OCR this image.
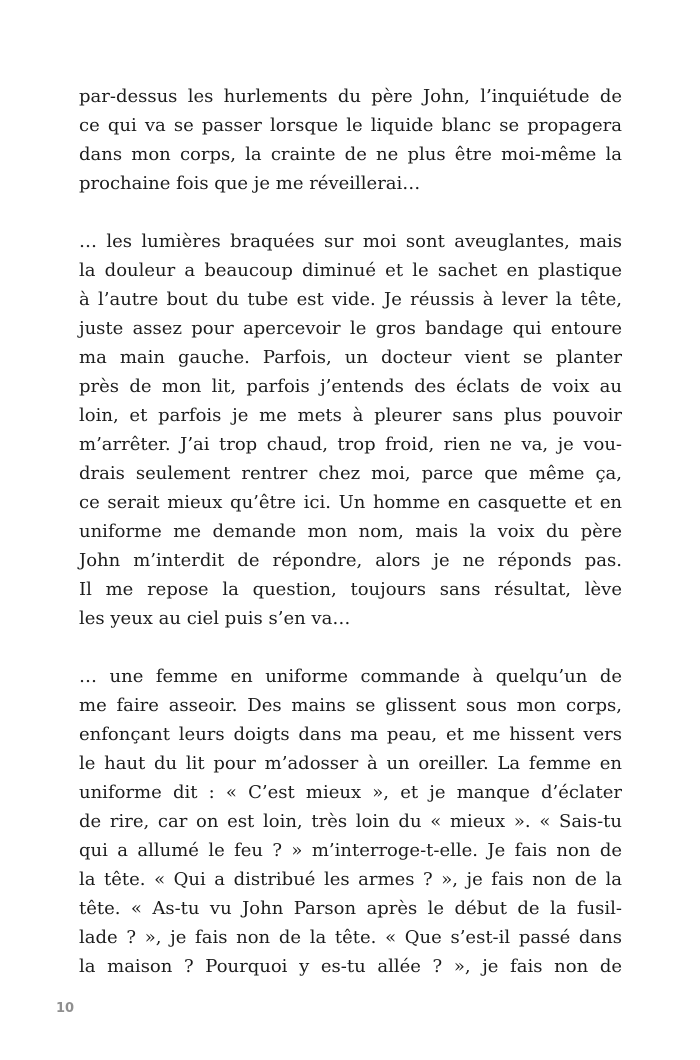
par-dessus les hurlements du père John, l’inquiétude de
ce qui va se passer lorsque le liquide blanc se propagera
dans mon corps, la crainte de ne plus être moi-même la
prochaine fois que je me réveillerai…
… les lumières braquées sur moi sont aveuglantes, mais
la douleur a beaucoup diminué et le sachet en plastique
à l’autre bout du tube est vide. Je réussis à lever la tête,
juste assez pour apercevoir le gros bandage qui entoure
ma main gauche. Parfois, un docteur vient se planter
près de mon lit, parfois j’entends des éclats de voix au
loin, et parfois je me mets à pleurer sans plus pouvoir
m’arrêter. J’ai trop chaud, trop froid, rien ne va, je vou-
drais seulement rentrer chez moi, parce que même ça,
ce serait mieux qu’être ici. Un homme en casquette et en
uniforme me demande mon nom, mais la voix du père
John m’interdit de répondre, alors je ne réponds pas.
Il me repose la question, toujours sans résultat, lève
les yeux au ciel puis s’en va…
… une femme en uniforme commande à quelqu’un de
me faire asseoir. Des mains se glissent sous mon corps,
enfonçant leurs doigts dans ma peau, et me hissent vers
le haut du lit pour m’adosser à un oreiller. La femme en
uniforme dit : « C’est mieux », et je manque d’éclater
de rire, car on est loin, très loin du « mieux ». « Sais-tu
qui a allumé le feu ? » m’interroge-t-elle. Je fais non de
la tête. « Qui a distribué les armes ? », je fais non de la
tête. « As-tu vu John Parson après le début de la fusil-
lade ? », je fais non de la tête. « Que s’est-il passé dans
la maison ? Pourquoi y es-tu allée ? », je fais non de
10
